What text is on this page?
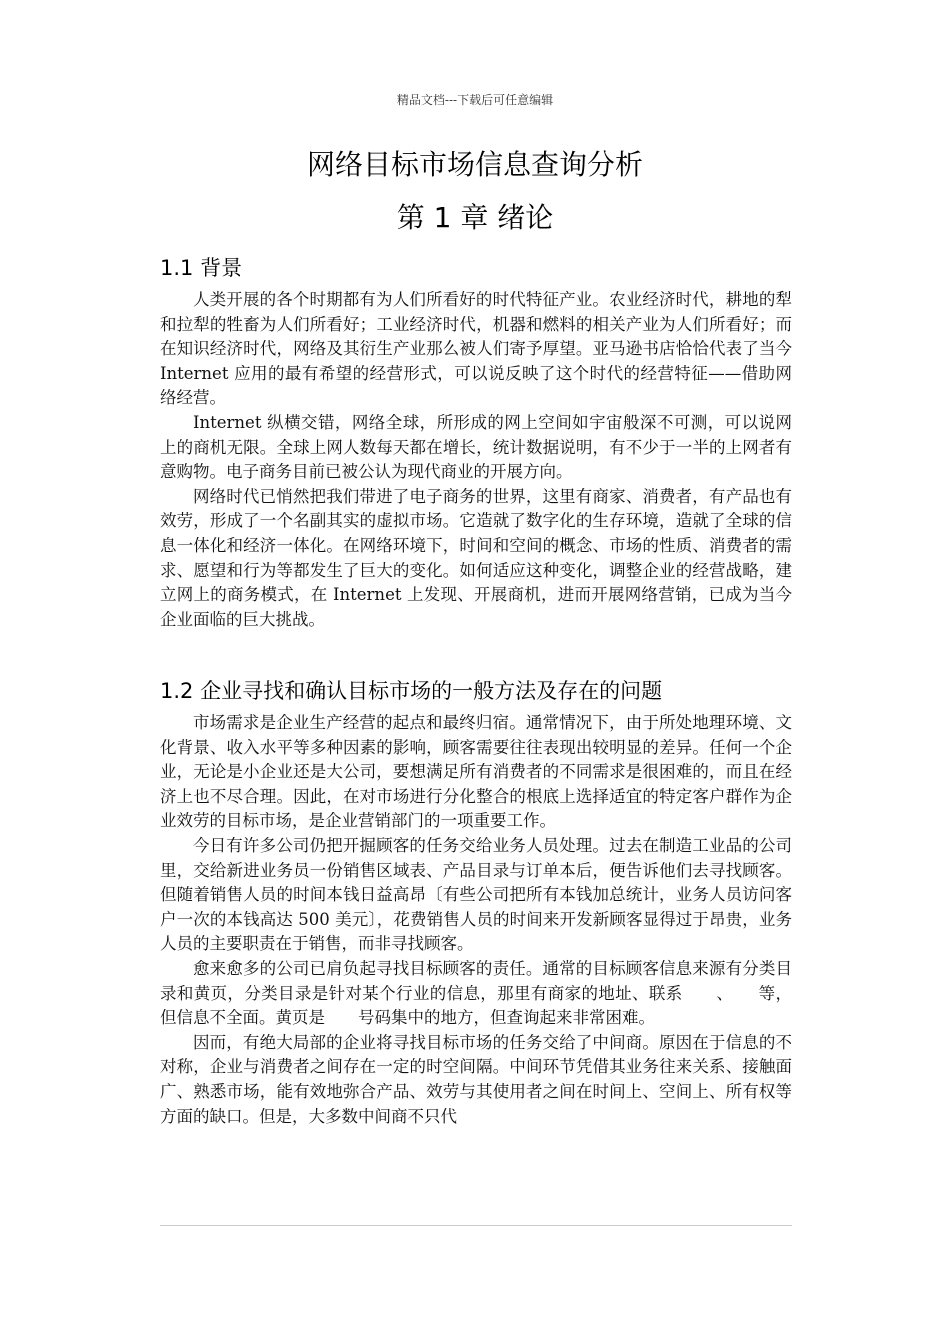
精品文档---下载后可任意编辑
网络目标市场信息查询分析
第 1 章 绪论
1.1 背景

人类开展的各个时期都有为人们所看好的时代特征产业。农业经济时代，耕地的犁和拉犁的牲畜为人们所看好；工业经济时代，机器和燃料的相关产业为人们所看好；而在知识经济时代，网络及其衍生产业那么被人们寄予厚望。亚马逊书店恰恰代表了当今 Internet 应用的最有希望的经营形式，可以说反映了这个时代的经营特征——借助网络经营。

Internet 纵横交错，网络全球，所形成的网上空间如宇宙般深不可测，可以说网上的商机无限。全球上网人数每天都在增长，统计数据说明，有不少于一半的上网者有意购物。电子商务目前已被公认为现代商业的开展方向。

网络时代已悄然把我们带进了电子商务的世界，这里有商家、消费者，有产品也有效劳，形成了一个名副其实的虚拟市场。它造就了数字化的生存环境，造就了全球的信息一体化和经济一体化。在网络环境下，时间和空间的概念、市场的性质、消费者的需求、愿望和行为等都发生了巨大的变化。如何适应这种变化，调整企业的经营战略，建立网上的商务模式，在 Internet 上发现、开展商机，进而开展网络营销，已成为当今企业面临的巨大挑战。

1.2 企业寻找和确认目标市场的一般方法及存在的问题

市场需求是企业生产经营的起点和最终归宿。通常情况下，由于所处地理环境、文化背景、收入水平等多种因素的影响，顾客需要往往表现出较明显的差异。任何一个企业，无论是小企业还是大公司，要想满足所有消费者的不同需求是很困难的，而且在经济上也不尽合理。因此，在对市场进行分化整合的根底上选择适宜的特定客户群作为企业效劳的目标市场，是企业营销部门的一项重要工作。

今日有许多公司仍把开掘顾客的任务交给业务人员处理。过去在制造工业品的公司里，交给新进业务员一份销售区域表、产品目录与订单本后，便告诉他们去寻找顾客。但随着销售人员的时间本钱日益高昂〔有些公司把所有本钱加总统计，业务人员访问客户一次的本钱高达 500 美元〕，花费销售人员的时间来开发新顾客显得过于昂贵，业务人员的主要职责在于销售，而非寻找顾客。

愈来愈多的公司已肩负起寻找目标顾客的责任。通常的目标顾客信息来源有分类目录和黄页，分类目录是针对某个行业的信息，那里有商家的地址、联系　　、　　等，但信息不全面。黄页是　　号码集中的地方，但查询起来非常困难。

因而，有绝大局部的企业将寻找目标市场的任务交给了中间商。原因在于信息的不对称，企业与消费者之间存在一定的时空间隔。中间环节凭借其业务往来关系、接触面广、熟悉市场，能有效地弥合产品、效劳与其使用者之间在时间上、空间上、所有权等方面的缺口。但是，大多数中间商不只代
